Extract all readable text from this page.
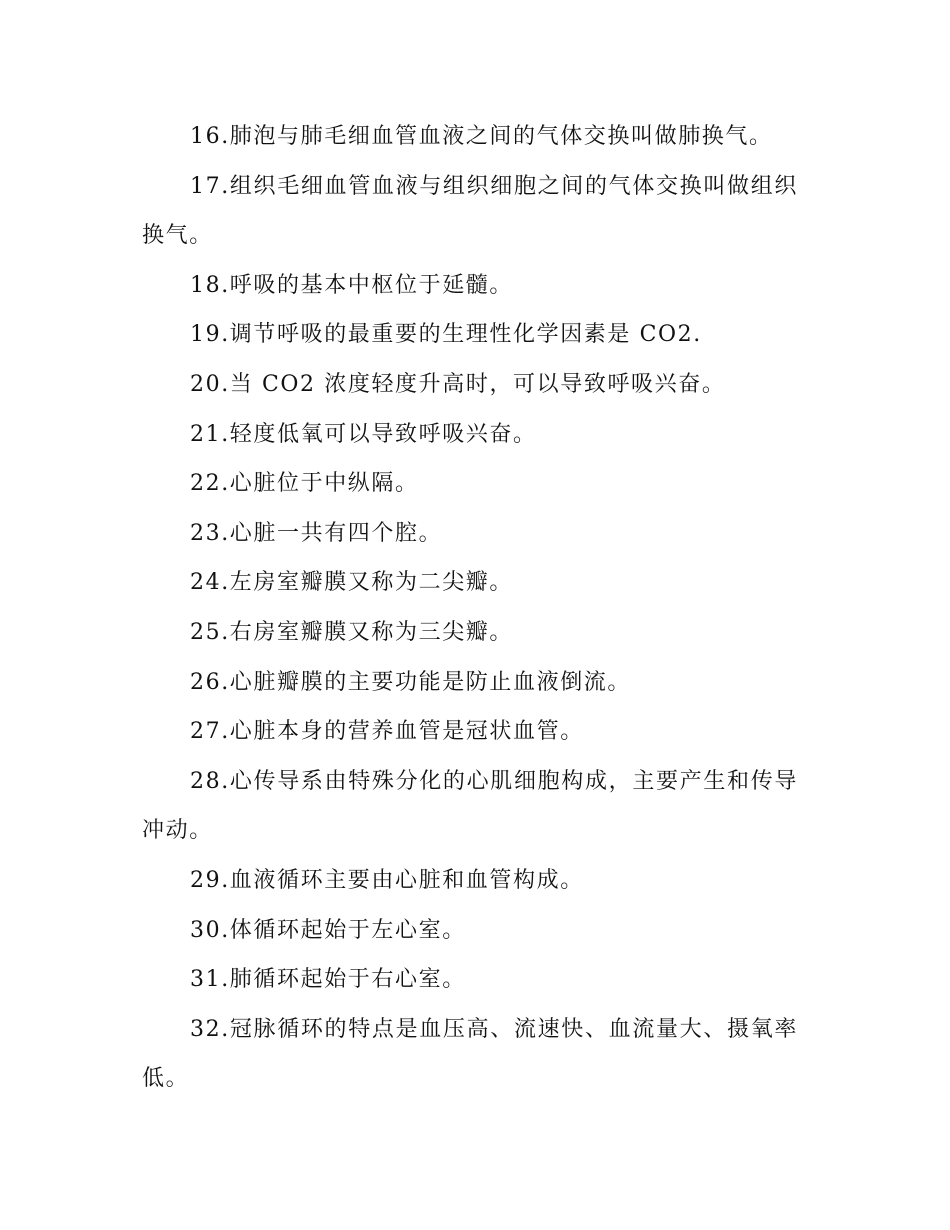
16.肺泡与肺毛细血管血液之间的气体交换叫做肺换气。

17.组织毛细血管血液与组织细胞之间的气体交换叫做组织换气。

18.呼吸的基本中枢位于延髓。

19.调节呼吸的最重要的生理性化学因素是 CO2.

20.当 CO2 浓度轻度升高时，可以导致呼吸兴奋。

21.轻度低氧可以导致呼吸兴奋。

22.心脏位于中纵隔。

23.心脏一共有四个腔。

24.左房室瓣膜又称为二尖瓣。

25.右房室瓣膜又称为三尖瓣。

26.心脏瓣膜的主要功能是防止血液倒流。

27.心脏本身的营养血管是冠状血管。

28.心传导系由特殊分化的心肌细胞构成，主要产生和传导冲动。

29.血液循环主要由心脏和血管构成。

30.体循环起始于左心室。

31.肺循环起始于右心室。

32.冠脉循环的特点是血压高、流速快、血流量大、摄氧率低。
